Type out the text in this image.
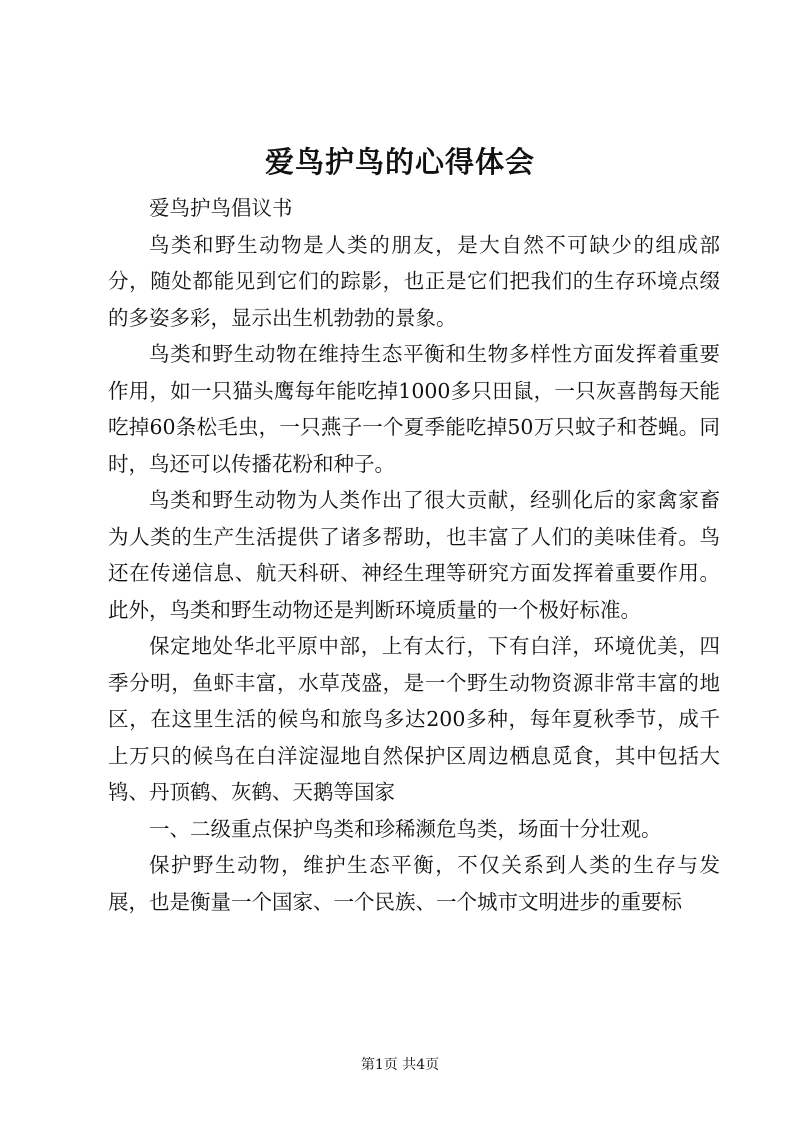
爱鸟护鸟的心得体会

爱鸟护鸟倡议书

鸟类和野生动物是人类的朋友，是大自然不可缺少的组成部分，随处都能见到它们的踪影，也正是它们把我们的生存环境点缀的多姿多彩，显示出生机勃勃的景象。

鸟类和野生动物在维持生态平衡和生物多样性方面发挥着重要作用，如一只猫头鹰每年能吃掉1000多只田鼠，一只灰喜鹊每天能吃掉60条松毛虫，一只燕子一个夏季能吃掉50万只蚊子和苍蝇。同时，鸟还可以传播花粉和种子。

鸟类和野生动物为人类作出了很大贡献，经驯化后的家禽家畜为人类的生产生活提供了诸多帮助，也丰富了人们的美味佳肴。鸟还在传递信息、航天科研、神经生理等研究方面发挥着重要作用。此外，鸟类和野生动物还是判断环境质量的一个极好标准。

保定地处华北平原中部，上有太行，下有白洋，环境优美，四季分明，鱼虾丰富，水草茂盛，是一个野生动物资源非常丰富的地区，在这里生活的候鸟和旅鸟多达200多种，每年夏秋季节，成千上万只的候鸟在白洋淀湿地自然保护区周边栖息觅食，其中包括大鸨、丹顶鹤、灰鹤、天鹅等国家

一、二级重点保护鸟类和珍稀濒危鸟类，场面十分壮观。

保护野生动物，维护生态平衡，不仅关系到人类的生存与发展，也是衡量一个国家、一个民族、一个城市文明进步的重要标

第1页 共4页
